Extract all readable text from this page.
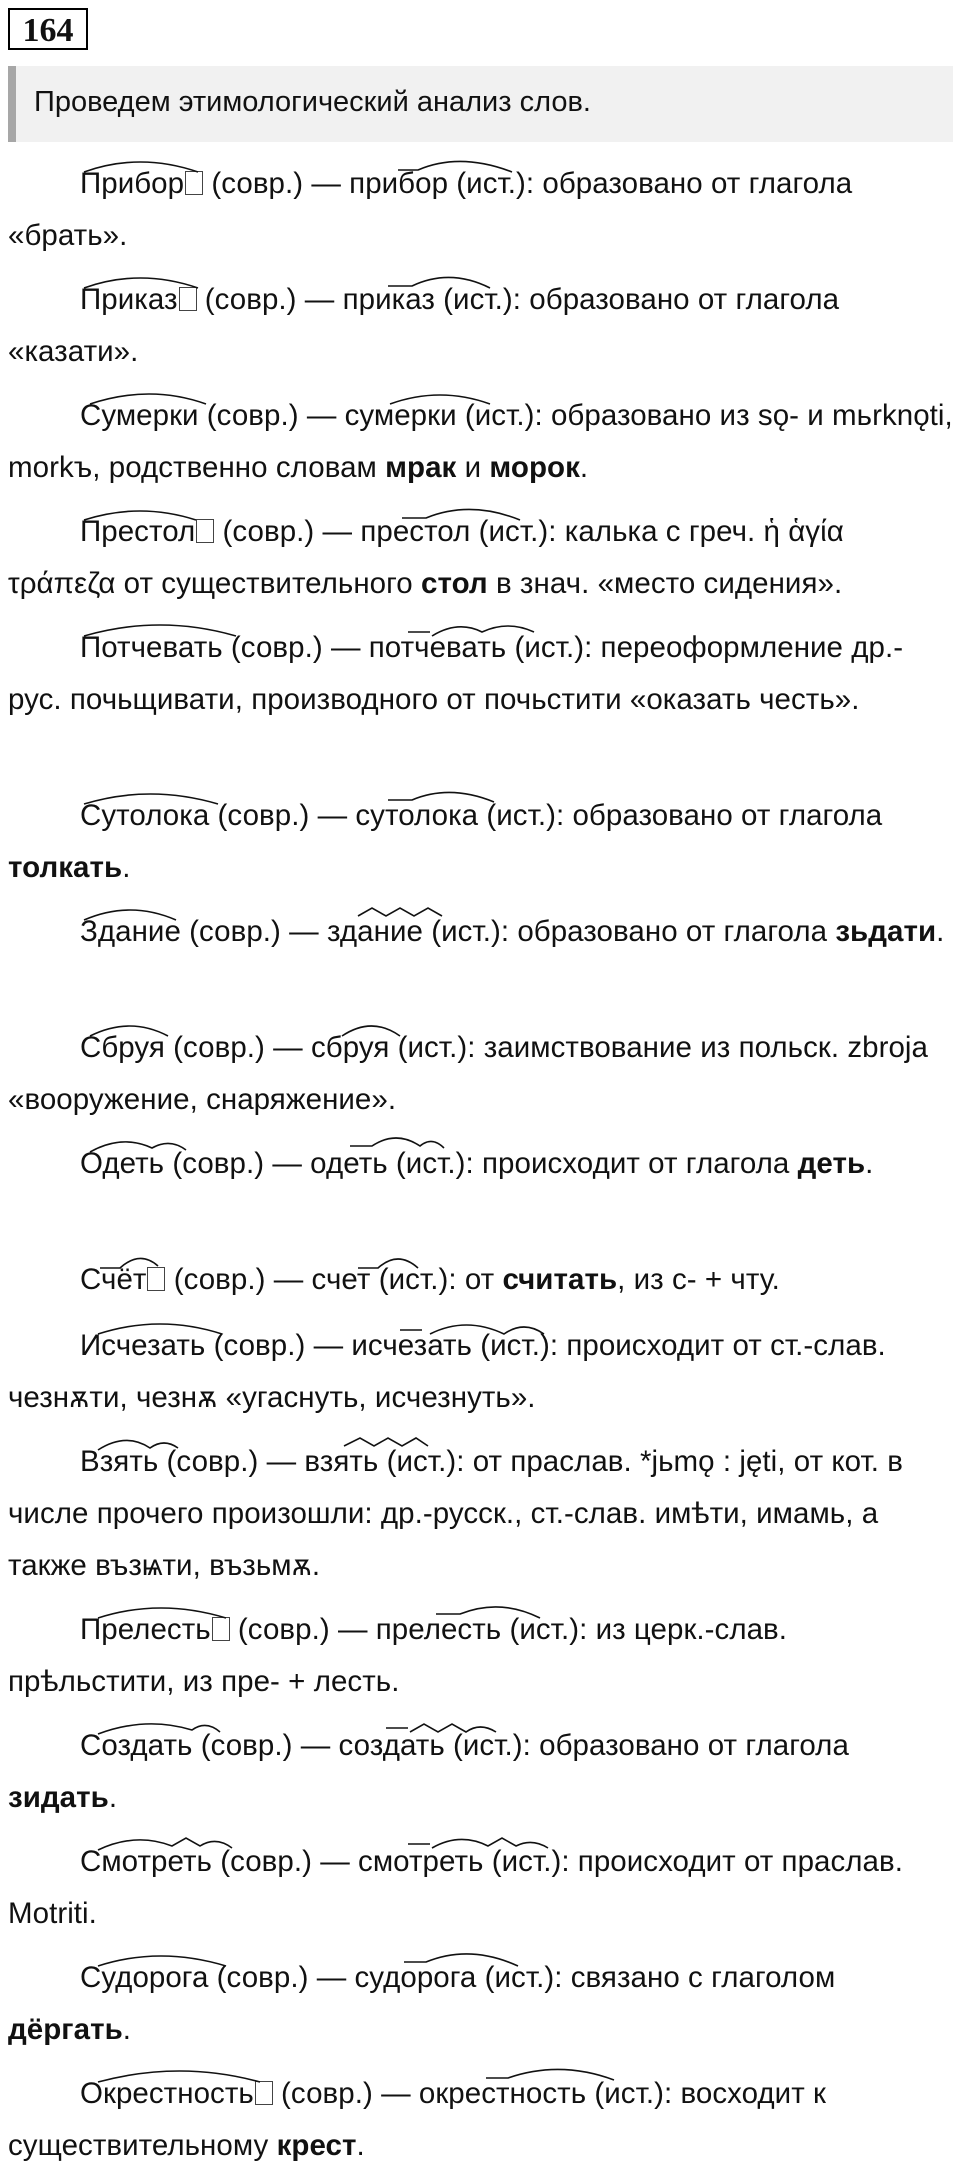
164
Проведем этимологический анализ слов.

Прибор (совр.) — прибор (ист.): образовано от глагола «брать».

Приказ (совр.) — приказ (ист.): образовано от глагола «казати».

Сумерки (совр.) — сумерки (ист.): образовано из sǫ- и mьrknǫti, morkъ, родственно словам мрак и морок.

Престол (совр.) — престол (ист.): калька с греч. ἡ ἁγία τράπεζα от существительного стол в знач. «место сидения».

Потчевать (совр.) — потчевать (ист.): переоформление др.-рус. почьщивати, производного от почьстити «оказать честь».

Сутолока (совр.) — сутолока (ист.): образовано от глагола толкать.

Здание (совр.) — здание (ист.): образовано от глагола зьдати.

Сбруя (совр.) — сбруя (ист.): заимствование из польск. zbroja «вооружение, снаряжение».

Одеть (совр.) — одеть (ист.): происходит от глагола деть.

Счёт (совр.) — счет (ист.): от считать, из с- + чту.

Исчезать (совр.) — исчезать (ист.): происходит от ст.-слав. чезнѫти, чезнѫ «угаснуть, исчезнуть».

Взять (совр.) — взять (ист.): от праслав. *jьmǫ : jęti, от кот. в числе прочего произошли: др.-русск., ст.-слав. имѣти, имамь, а также възѩти, възьмѫ.

Прелесть (совр.) — прелесть (ист.): из церк.-слав. прѣльстити, из пре- + лесть.

Создать (совр.) — создать (ист.): образовано от глагола зидать.

Смотреть (совр.) — смотреть (ист.): происходит от праслав. Motriti.

Судорога (совр.) — судорога (ист.): связано с глаголом дёргать.

Окрестность (совр.) — окрестность (ист.): восходит к существительному крест.
